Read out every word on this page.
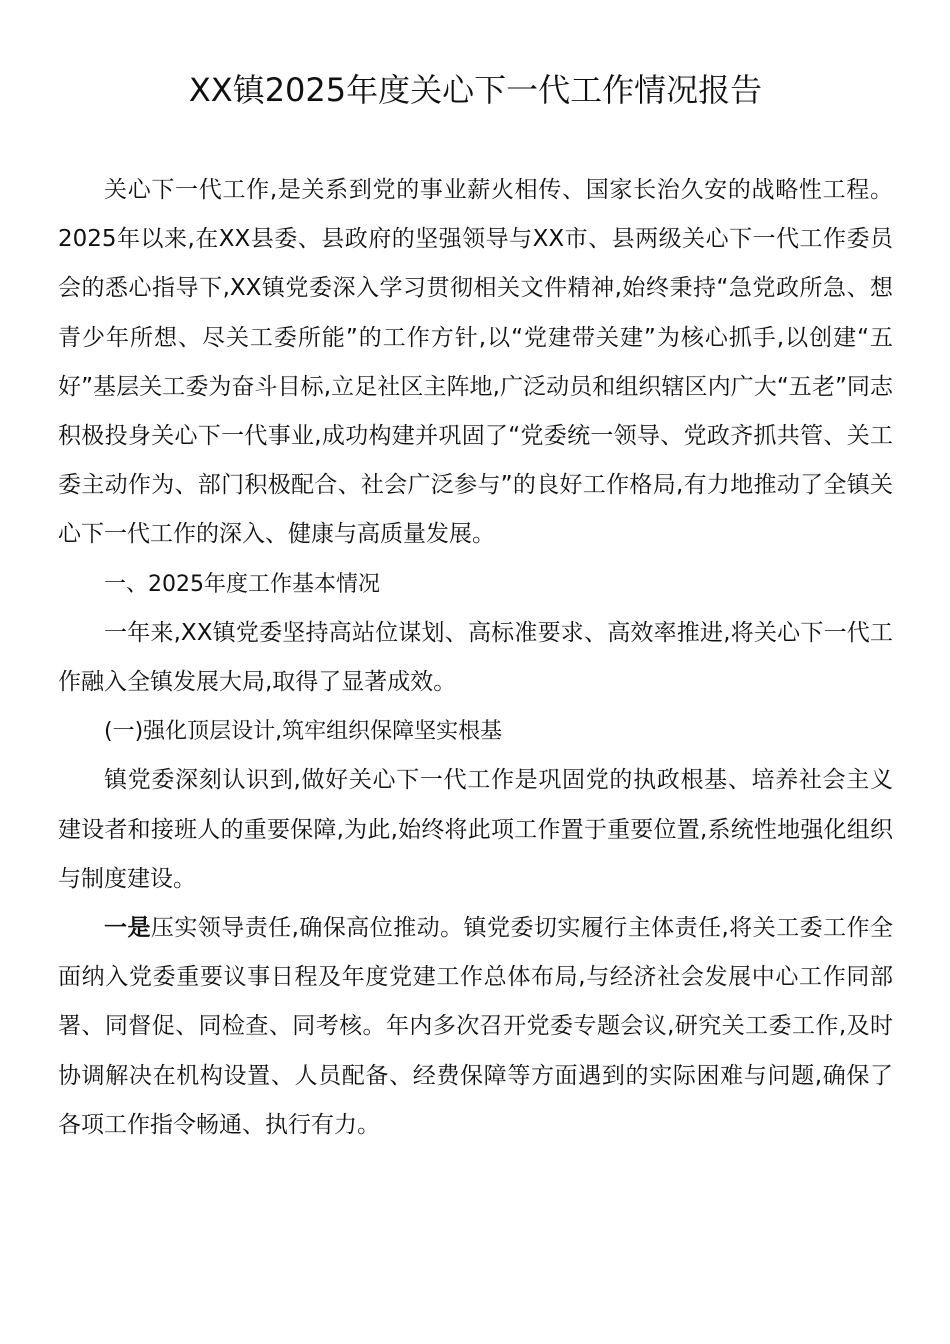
XX镇2025年度关心下一代工作情况报告

关心下一代工作,是关系到党的事业薪火相传、国家长治久安的战略性工程。2025年以来,在XX县委、县政府的坚强领导与XX市、县两级关心下一代工作委员会的悉心指导下,XX镇党委深入学习贯彻相关文件精神,始终秉持“急党政所急、想青少年所想、尽关工委所能”的工作方针,以“党建带关建”为核心抓手,以创建“五好”基层关工委为奋斗目标,立足社区主阵地,广泛动员和组织辖区内广大“五老”同志积极投身关心下一代事业,成功构建并巩固了“党委统一领导、党政齐抓共管、关工委主动作为、部门积极配合、社会广泛参与”的良好工作格局,有力地推动了全镇关心下一代工作的深入、健康与高质量发展。

一、2025年度工作基本情况

一年来,XX镇党委坚持高站位谋划、高标准要求、高效率推进,将关心下一代工作融入全镇发展大局,取得了显著成效。

(一)强化顶层设计,筑牢组织保障坚实根基

镇党委深刻认识到,做好关心下一代工作是巩固党的执政根基、培养社会主义建设者和接班人的重要保障,为此,始终将此项工作置于重要位置,系统性地强化组织与制度建设。

一是压实领导责任,确保高位推动。镇党委切实履行主体责任,将关工委工作全面纳入党委重要议事日程及年度党建工作总体布局,与经济社会发展中心工作同部署、同督促、同检查、同考核。年内多次召开党委专题会议,研究关工委工作,及时协调解决在机构设置、人员配备、经费保障等方面遇到的实际困难与问题,确保了各项工作指令畅通、执行有力。
